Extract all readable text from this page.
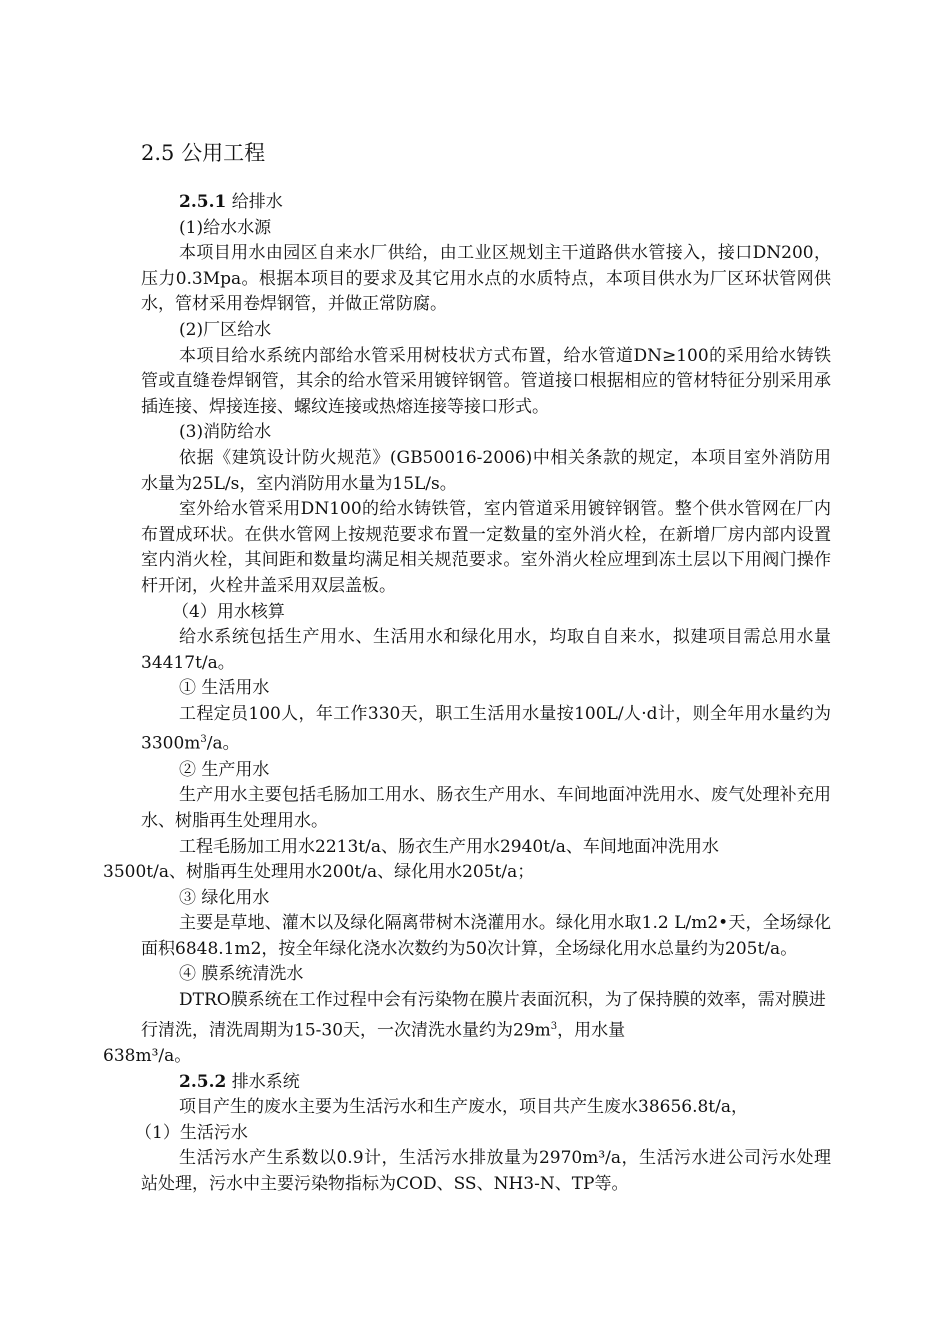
2.5 公用工程

2.5.1 给排水

(1)给水水源

本项目用水由园区自来水厂供给，由工业区规划主干道路供水管接入，接口DN200，压力0.3Mpa。根据本项目的要求及其它用水点的水质特点，本项目供水为厂区环状管网供水，管材采用卷焊钢管，并做正常防腐。

(2)厂区给水

本项目给水系统内部给水管采用树枝状方式布置，给水管道DN≥100的采用给水铸铁管或直缝卷焊钢管，其余的给水管采用镀锌钢管。管道接口根据相应的管材特征分别采用承插连接、焊接连接、螺纹连接或热熔连接等接口形式。

(3)消防给水

依据《建筑设计防火规范》(GB50016-2006)中相关条款的规定，本项目室外消防用水量为25L/s，室内消防用水量为15L/s。

室外给水管采用DN100的给水铸铁管，室内管道采用镀锌钢管。整个供水管网在厂内布置成环状。在供水管网上按规范要求布置一定数量的室外消火栓，在新增厂房内部内设置室内消火栓，其间距和数量均满足相关规范要求。室外消火栓应埋到冻土层以下用阀门操作杆开闭，火栓井盖采用双层盖板。

（4）用水核算

给水系统包括生产用水、生活用水和绿化用水，均取自自来水，拟建项目需总用水量34417t/a。

① 生活用水

工程定员100人，年工作330天，职工生活用水量按100L/人·d计，则全年用水量约为$3300m^3/a$。

② 生产用水

生产用水主要包括毛肠加工用水、肠衣生产用水、车间地面冲洗用水、废气处理补充用水、树脂再生处理用水。

工程毛肠加工用水2213t/a、肠衣生产用水2940t/a、车间地面冲洗用水
3500t/a、树脂再生处理用水200t/a、绿化用水205t/a；

③ 绿化用水

主要是草地、灌木以及绿化隔离带树木浇灌用水。绿化用水取1.2 L/m2•天，全场绿化面积6848.1m2，按全年绿化浇水次数约为50次计算，全场绿化用水总量约为205t/a。

④ 膜系统清洗水

DTRO膜系统在工作过程中会有污染物在膜片表面沉积，为了保持膜的效率，需对膜进行清洗，清洗周期为15-30天，一次清洗水量约为$29m^3$，用水量
638m³/a。

2.5.2 排水系统

项目产生的废水主要为生活污水和生产废水，项目共产生废水38656.8t/a，

（1）生活污水

生活污水产生系数以0.9计，生活污水排放量为2970m³/a，生活污水进公司污水处理站处理，污水中主要污染物指标为COD、SS、NH3-N、TP等。
